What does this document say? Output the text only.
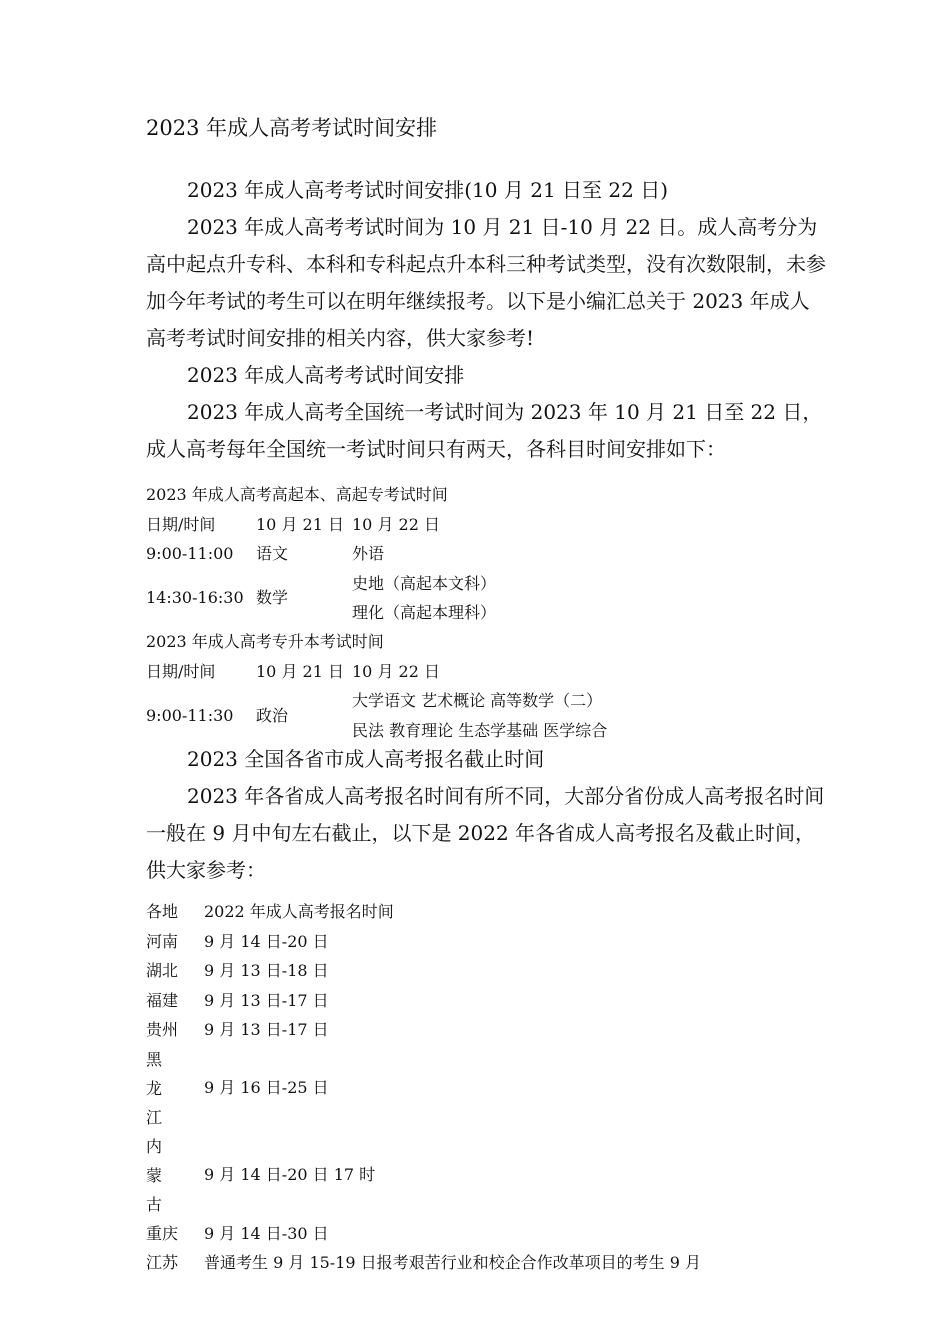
2023 年成人高考考试时间安排

2023 年成人高考考试时间安排(10 月 21 日至 22 日)

2023 年成人高考考试时间为 10 月 21 日-10 月 22 日。成人高考分为高中起点升专科、本科和专科起点升本科三种考试类型，没有次数限制，未参加今年考试的考生可以在明年继续报考。以下是小编汇总关于 2023 年成人高考考试时间安排的相关内容，供大家参考!

2023 年成人高考考试时间安排

2023 年成人高考全国统一考试时间为 2023 年 10 月 21 日至 22 日，成人高考每年全国统一考试时间只有两天，各科目时间安排如下：

2023 年成人高考高起本、高起专考试时间		
日期/时间	10 月 21 日	10 月 22 日
9:00-11:00	语文	外语
14:30-16:30	数学	史地（高起本文科）
		理化（高起本理科）
2023 年成人高考专升本考试时间		
日期/时间	10 月 21 日	10 月 22 日
9:00-11:30	政治	大学语文 艺术概论 高等数学（二）
		民法 教育理论 生态学基础 医学综合

2023 全国各省市成人高考报名截止时间

2023 年各省成人高考报名时间有所不同，大部分省份成人高考报名时间一般在 9 月中旬左右截止，以下是 2022 年各省成人高考报名及截止时间，供大家参考：

各地	2022 年成人高考报名时间
河南	9 月 14 日-20 日
湖北	9 月 13 日-18 日
福建	9 月 13 日-17 日
贵州	9 月 13 日-17 日
黑龙江	9 月 16 日-25 日
内蒙古	9 月 14 日-20 日 17 时
重庆	9 月 14 日-30 日
江苏	普通考生 9 月 15-19 日报考艰苦行业和校企合作改革项目的考生 9 月
